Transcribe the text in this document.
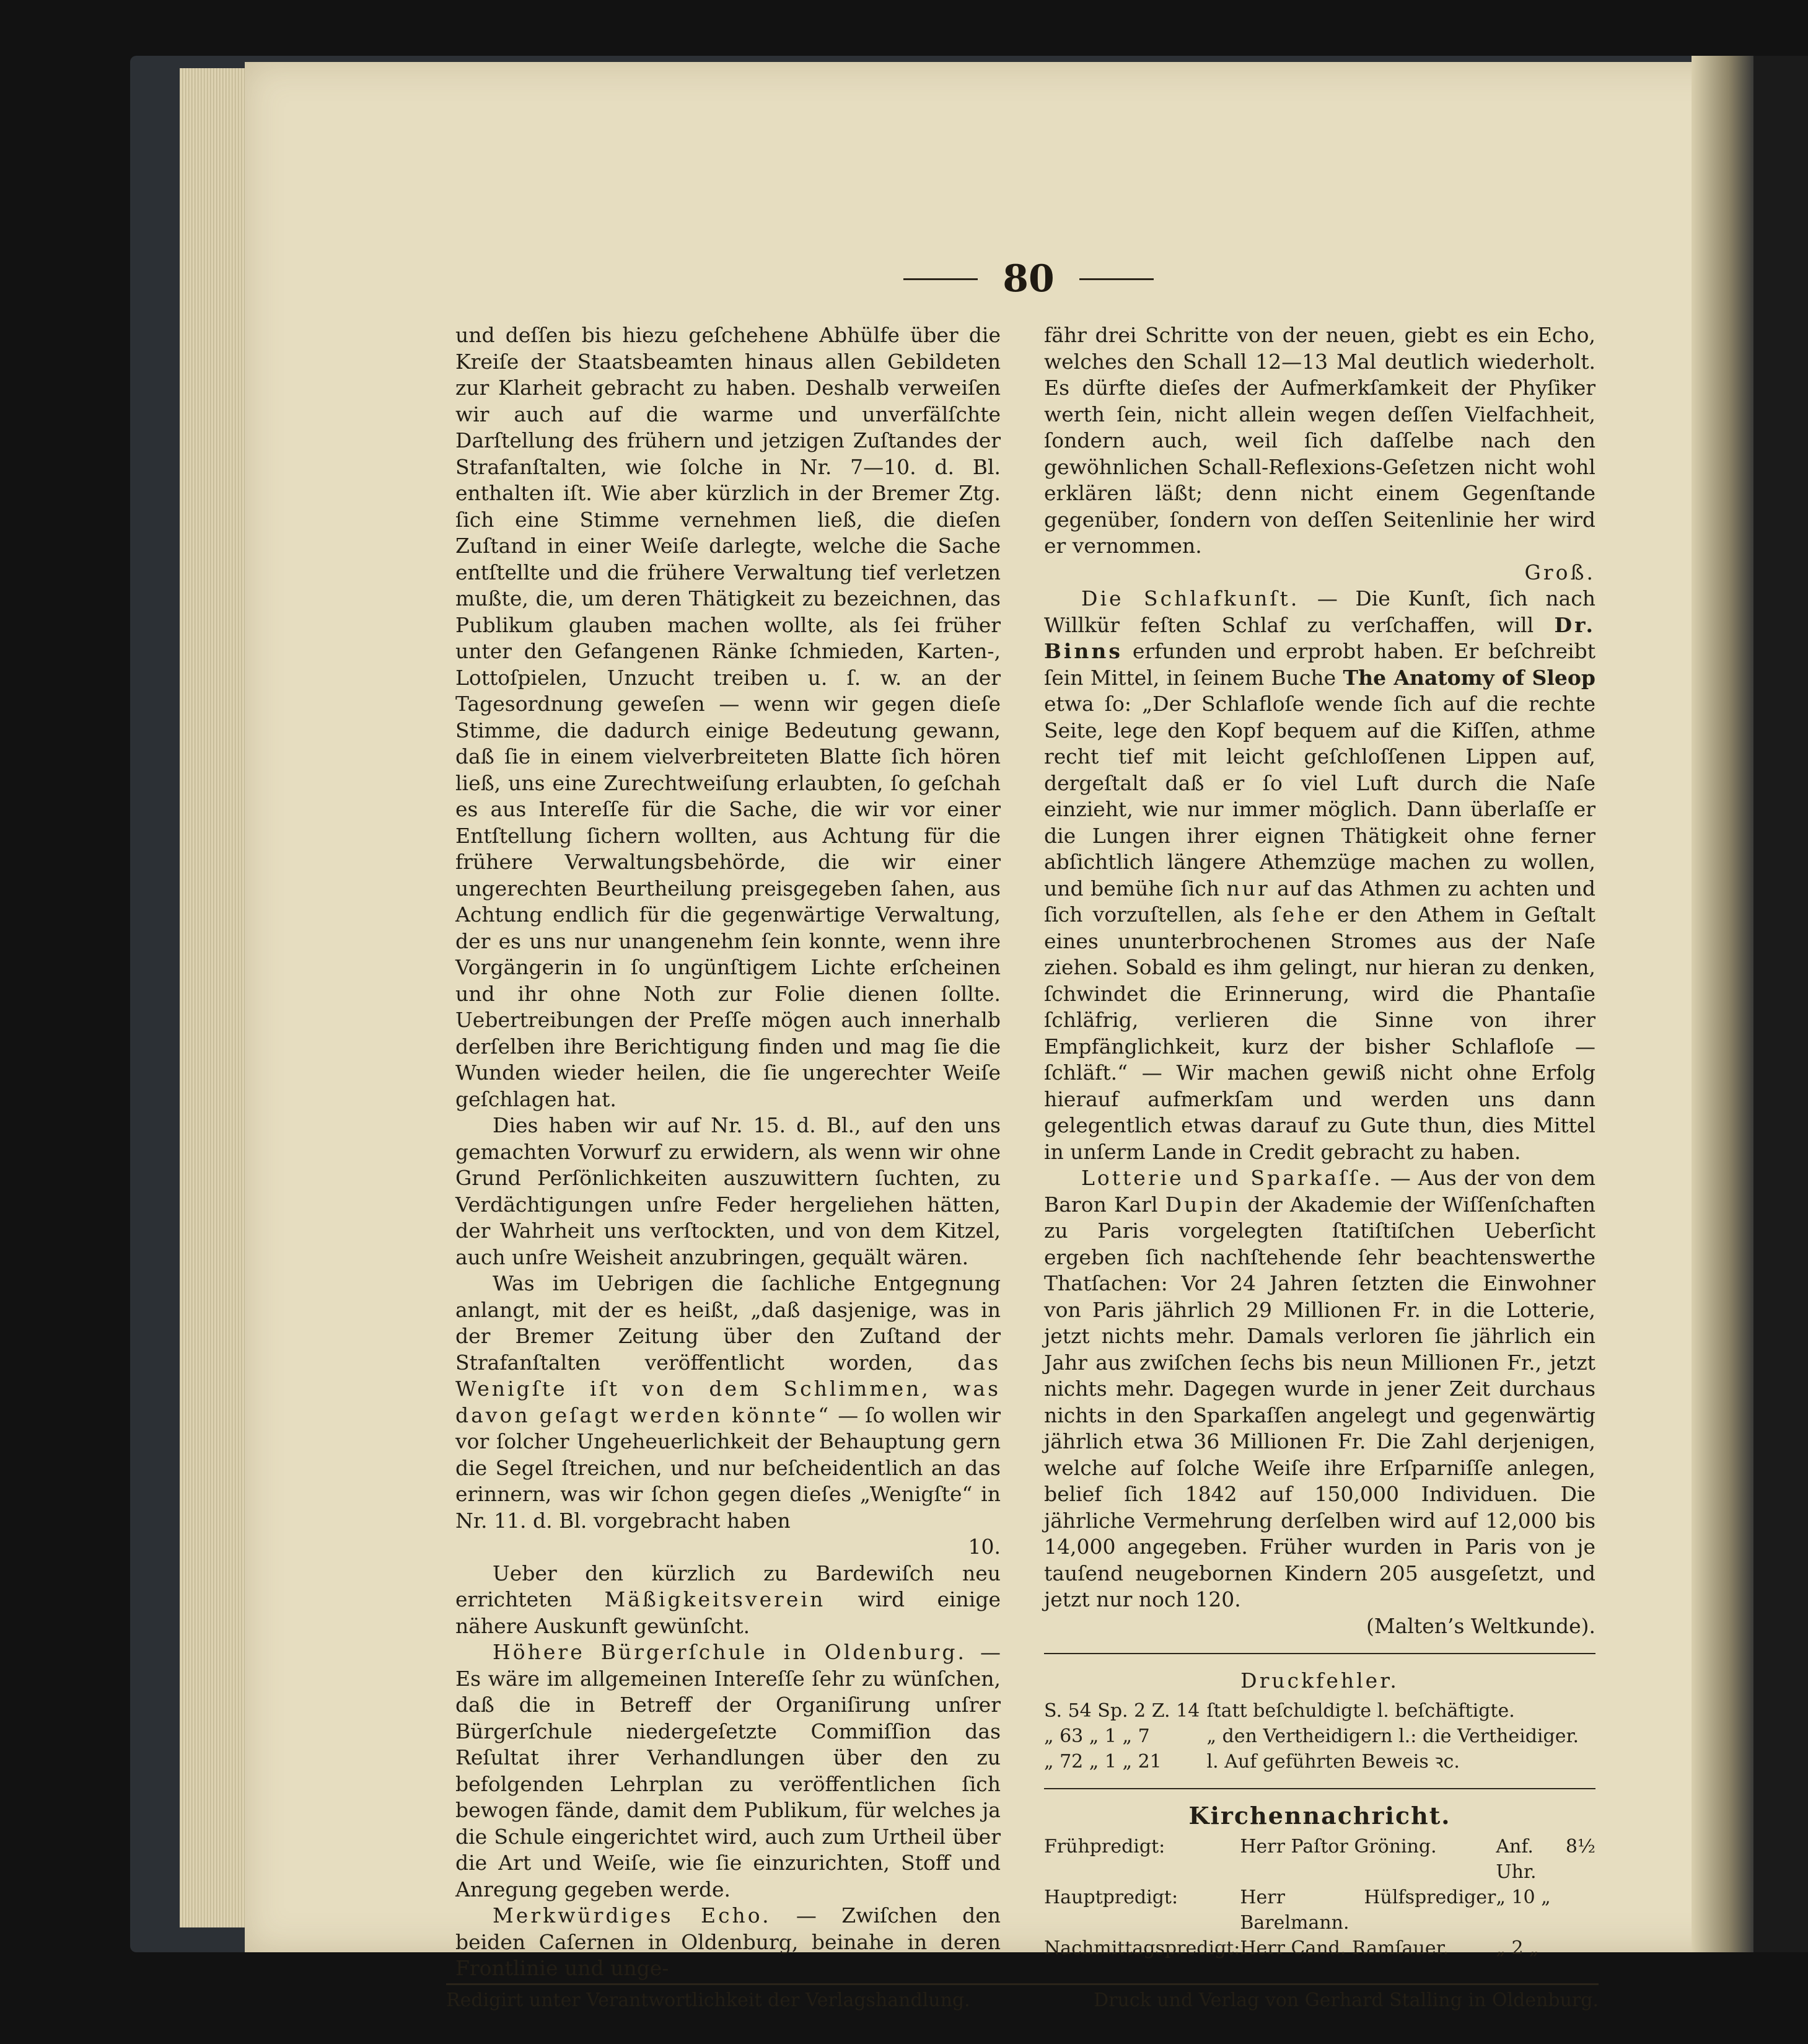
80

und deſſen bis hiezu geſchehene Abhülfe über die Kreiſe der Staatsbeamten hinaus allen Gebildeten zur Klarheit gebracht zu haben. Deshalb verweiſen wir auch auf die warme und unverfälſchte Darſtellung des frühern und jetzigen Zuſtandes der Strafanſtalten, wie ſolche in Nr. 7—10. d. Bl. enthalten iſt. Wie aber kürzlich in der Bremer Ztg. ſich eine Stimme vernehmen ließ, die dieſen Zuſtand in einer Weiſe darlegte, welche die Sache entſtellte und die frühere Verwaltung tief verletzen mußte, die, um deren Thätigkeit zu bezeichnen, das Publikum glauben machen wollte, als ſei früher unter den Gefangenen Ränke ſchmieden, Karten-, Lottoſpielen, Unzucht treiben u. ſ. w. an der Tagesordnung geweſen — wenn wir gegen dieſe Stimme, die dadurch einige Bedeutung gewann, daß ſie in einem vielverbreiteten Blatte ſich hören ließ, uns eine Zurechtweiſung erlaubten, ſo geſchah es aus Intereſſe für die Sache, die wir vor einer Entſtellung ſichern wollten, aus Achtung für die frühere Verwaltungsbehörde, die wir einer ungerechten Beurtheilung preisgegeben ſahen, aus Achtung endlich für die gegenwärtige Verwaltung, der es uns nur unangenehm ſein konnte, wenn ihre Vorgängerin in ſo ungünſtigem Lichte erſcheinen und ihr ohne Noth zur Folie dienen ſollte. Uebertreibungen der Preſſe mögen auch innerhalb derſelben ihre Berichtigung finden und mag ſie die Wunden wieder heilen, die ſie ungerechter Weiſe geſchlagen hat.

Dies haben wir auf Nr. 15. d. Bl., auf den uns gemachten Vorwurf zu erwidern, als wenn wir ohne Grund Perſönlichkeiten auszuwittern ſuchten, zu Verdächtigungen unſre Feder hergeliehen hätten, der Wahrheit uns verſtockten, und von dem Kitzel, auch unſre Weisheit anzubringen, gequält wären.

Was im Uebrigen die ſachliche Entgegnung anlangt, mit der es heißt, „daß dasjenige, was in der Bremer Zeitung über den Zuſtand der Strafanſtalten veröffentlicht worden, das Wenigſte iſt von dem Schlimmen, was davon geſagt werden könnte“ — ſo wollen wir vor ſolcher Ungeheuerlichkeit der Behauptung gern die Segel ſtreichen, und nur beſcheidentlich an das erinnern, was wir ſchon gegen dieſes „Wenigſte“ in Nr. 11. d. Bl. vorgebracht haben

10.

Ueber den kürzlich zu Bardewiſch neu errichteten Mäßigkeitsverein wird einige nähere Auskunft gewünſcht.

Höhere Bürgerſchule in Oldenburg. — Es wäre im allgemeinen Intereſſe ſehr zu wünſchen, daß die in Betreff der Organiſirung unſrer Bürgerſchule niedergeſetzte Commiſſion das Reſultat ihrer Verhandlungen über den zu befolgenden Lehrplan zu veröffentlichen ſich bewogen fände, damit dem Publikum, für welches ja die Schule eingerichtet wird, auch zum Urtheil über die Art und Weiſe, wie ſie einzurichten, Stoff und Anregung gegeben werde.

Merkwürdiges Echo. — Zwiſchen den beiden Caſernen in Oldenburg, beinahe in deren Frontlinie und unge-

fähr drei Schritte von der neuen, giebt es ein Echo, welches den Schall 12—13 Mal deutlich wiederholt. Es dürfte dieſes der Aufmerkſamkeit der Phyſiker werth ſein, nicht allein wegen deſſen Vielfachheit, ſondern auch, weil ſich daſſelbe nach den gewöhnlichen Schall-Reflexions-Geſetzen nicht wohl erklären läßt; denn nicht einem Gegenſtande gegenüber, ſondern von deſſen Seitenlinie her wird er vernommen.

Groß.

Die Schlafkunſt. — Die Kunſt, ſich nach Willkür feſten Schlaf zu verſchaffen, will Dr. Binns erfunden und erprobt haben. Er beſchreibt ſein Mittel, in ſeinem Buche The Anatomy of Sleop etwa ſo: „Der Schlafloſe wende ſich auf die rechte Seite, lege den Kopf bequem auf die Kiſſen, athme recht tief mit leicht geſchloſſenen Lippen auf, dergeſtalt daß er ſo viel Luft durch die Naſe einzieht, wie nur immer möglich. Dann überlaſſe er die Lungen ihrer eignen Thätigkeit ohne ferner abſichtlich längere Athemzüge machen zu wollen, und bemühe ſich nur auf das Athmen zu achten und ſich vorzuſtellen, als ſehe er den Athem in Geſtalt eines ununterbrochenen Stromes aus der Naſe ziehen. Sobald es ihm gelingt, nur hieran zu denken, ſchwindet die Erinnerung, wird die Phantaſie ſchläfrig, verlieren die Sinne von ihrer Empfänglichkeit, kurz der bisher Schlafloſe — ſchläft.“ — Wir machen gewiß nicht ohne Erfolg hierauf aufmerkſam und werden uns dann gelegentlich etwas darauf zu Gute thun, dies Mittel in unſerm Lande in Credit gebracht zu haben.

Lotterie und Sparkaſſe. — Aus der von dem Baron Karl Dupin der Akademie der Wiſſenſchaften zu Paris vorgelegten ſtatiſtiſchen Ueberſicht ergeben ſich nachſtehende ſehr beachtenswerthe Thatſachen: Vor 24 Jahren ſetzten die Einwohner von Paris jährlich 29 Millionen Fr. in die Lotterie, jetzt nichts mehr. Damals verloren ſie jährlich ein Jahr aus zwiſchen ſechs bis neun Millionen Fr., jetzt nichts mehr. Dagegen wurde in jener Zeit durchaus nichts in den Sparkaſſen angelegt und gegenwärtig jährlich etwa 36 Millionen Fr. Die Zahl derjenigen, welche auf ſolche Weiſe ihre Erſparniſſe anlegen, belief ſich 1842 auf 150,000 Individuen. Die jährliche Vermehrung derſelben wird auf 12,000 bis 14,000 angegeben. Früher wurden in Paris von je tauſend neugebornen Kindern 205 ausgeſetzt, und jetzt nur noch 120.

(Malten’s Weltkunde).

Druckfehler.
S. 54 Sp. 2 Z. 14	ſtatt beſchuldigte l. beſchäftigte.
„ 63 „ 1 „ 7	„ den Vertheidigern l.: die Vertheidiger.
„ 72 „ 1 „ 21	l. Auf geführten Beweis ꝛc.
Kirchennachricht.
Frühpredigt:	Herr Paſtor Gröning.	Anf. 8½ Uhr.
Hauptpredigt:	Herr Hülfsprediger Barelmann.	„ 10 „
Nachmittagspredigt:	Herr Cand. Ramſauer.	„ 2 „
Redigirt unter Verantwortlichkeit der Verlagshandlung.	Druck und Verlag von Gerhard Stalling in Oldenburg.
